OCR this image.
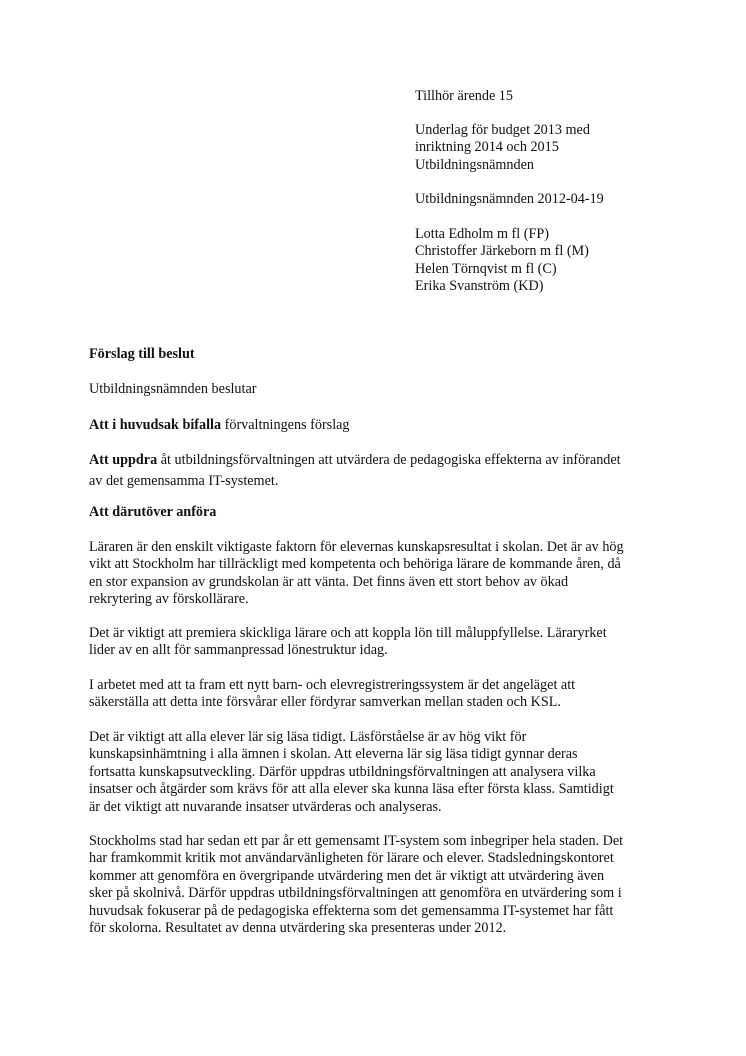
Tillhör ärende 15
Underlag för budget 2013 med
inriktning 2014 och 2015
Utbildningsnämnden
Utbildningsnämnden 2012-04-19
Lotta Edholm m fl (FP)
Christoffer Järkeborn m fl (M)
Helen Törnqvist m fl (C)
Erika Svanström (KD)
Förslag till beslut
Utbildningsnämnden beslutar
Att i huvudsak bifalla förvaltningens förslag
Att uppdra åt utbildningsförvaltningen att utvärdera de pedagogiska effekterna av införandet
av det gemensamma IT-systemet.
Att därutöver anföra
Läraren är den enskilt viktigaste faktorn för elevernas kunskapsresultat i skolan. Det är av hög
vikt att Stockholm har tillräckligt med kompetenta och behöriga lärare de kommande åren, då
en stor expansion av grundskolan är att vänta. Det finns även ett stort behov av ökad
rekrytering av förskollärare.
Det är viktigt att premiera skickliga lärare och att koppla lön till måluppfyllelse. Läraryrket
lider av en allt för sammanpressad lönestruktur idag.
I arbetet med att ta fram ett nytt barn- och elevregistreringssystem är det angeläget att
säkerställa att detta inte försvårar eller fördyrar samverkan mellan staden och KSL.
Det är viktigt att alla elever lär sig läsa tidigt. Läsförståelse är av hög vikt för
kunskapsinhämtning i alla ämnen i skolan. Att eleverna lär sig läsa tidigt gynnar deras
fortsatta kunskapsutveckling. Därför uppdras utbildningsförvaltningen att analysera vilka
insatser och åtgärder som krävs för att alla elever ska kunna läsa efter första klass. Samtidigt
är det viktigt att nuvarande insatser utvärderas och analyseras.
Stockholms stad har sedan ett par år ett gemensamt IT-system som inbegriper hela staden. Det
har framkommit kritik mot användarvänligheten för lärare och elever. Stadsledningskontoret
kommer att genomföra en övergripande utvärdering men det är viktigt att utvärdering även
sker på skolnivå. Därför uppdras utbildningsförvaltningen att genomföra en utvärdering som i
huvudsak fokuserar på de pedagogiska effekterna som det gemensamma IT-systemet har fått
för skolorna. Resultatet av denna utvärdering ska presenteras under 2012.
